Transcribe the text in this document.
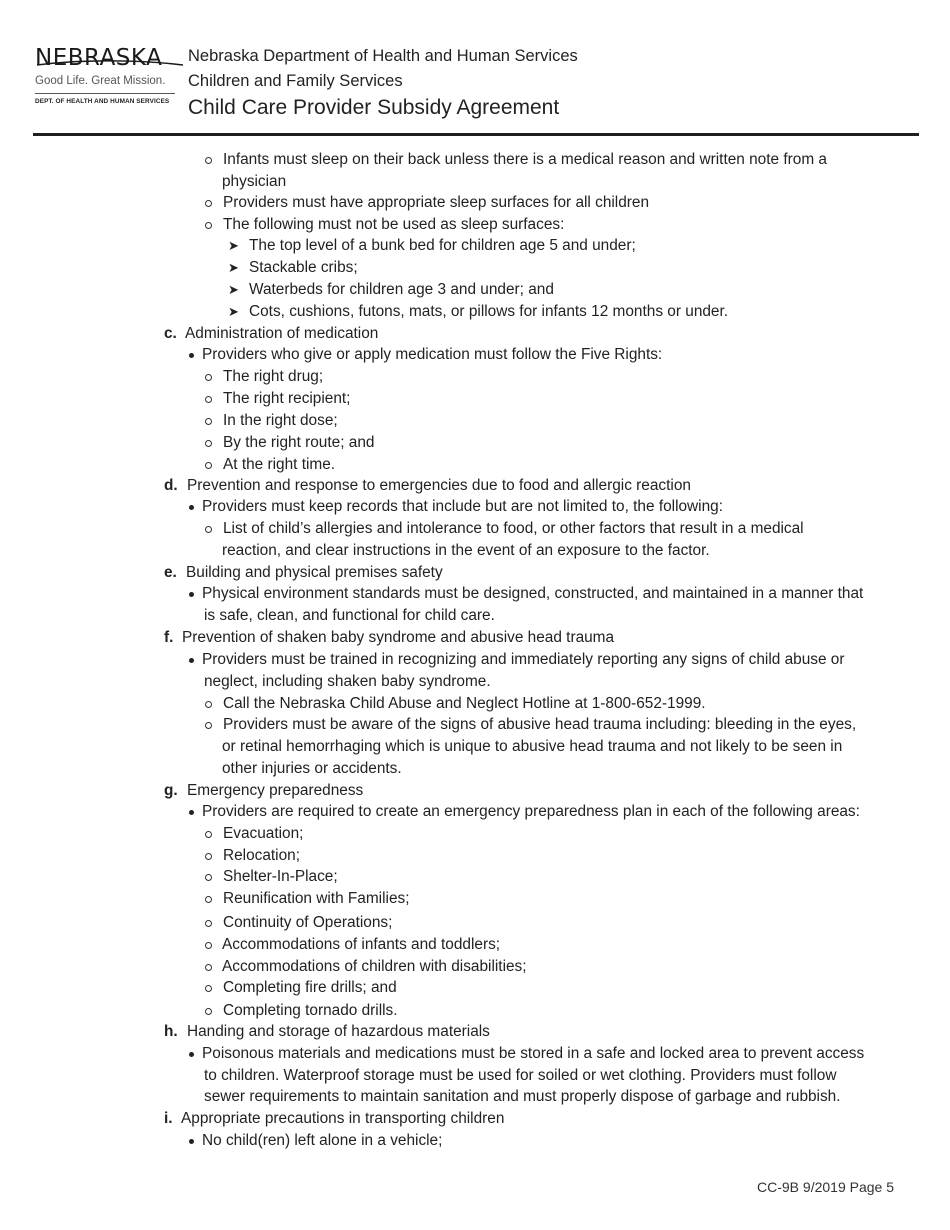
NEBRASKA
Good Life. Great Mission.
DEPT. OF HEALTH AND HUMAN SERVICES
Nebraska Department of Health and Human Services
Children and Family Services
Child Care Provider Subsidy Agreement
Infants must sleep on their back unless there is a medical reason and written note from a
physician
Providers must have appropriate sleep surfaces for all children
The following must not be used as sleep surfaces:
➤ The top level of a bunk bed for children age 5 and under;
➤ Stackable cribs;
➤ Waterbeds for children age 3 and under; and
➤ Cots, cushions, futons, mats, or pillows for infants 12 months or under.
c. Administration of medication
Providers who give or apply medication must follow the Five Rights:
The right drug;
The right recipient;
In the right dose;
By the right route; and
At the right time.
d. Prevention and response to emergencies due to food and allergic reaction
Providers must keep records that include but are not limited to, the following:
List of child’s allergies and intolerance to food, or other factors that result in a medical
reaction, and clear instructions in the event of an exposure to the factor.
e. Building and physical premises safety
Physical environment standards must be designed, constructed, and maintained in a manner that
is safe, clean, and functional for child care.
f. Prevention of shaken baby syndrome and abusive head trauma
Providers must be trained in recognizing and immediately reporting any signs of child abuse or
neglect, including shaken baby syndrome.
Call the Nebraska Child Abuse and Neglect Hotline at 1-800-652-1999.
Providers must be aware of the signs of abusive head trauma including: bleeding in the eyes,
or retinal hemorrhaging which is unique to abusive head trauma and not likely to be seen in
other injuries or accidents.
g. Emergency preparedness
Providers are required to create an emergency preparedness plan in each of the following areas:
Evacuation;
Relocation;
Shelter-In-Place;
Reunification with Families;
Continuity of Operations;
Accommodations of infants and toddlers;
Accommodations of children with disabilities;
Completing fire drills; and
Completing tornado drills.
h. Handing and storage of hazardous materials
Poisonous materials and medications must be stored in a safe and locked area to prevent access
to children. Waterproof storage must be used for soiled or wet clothing. Providers must follow
sewer requirements to maintain sanitation and must properly dispose of garbage and rubbish.
i. Appropriate precautions in transporting children
No child(ren) left alone in a vehicle;
CC-9B 9/2019 Page 5
